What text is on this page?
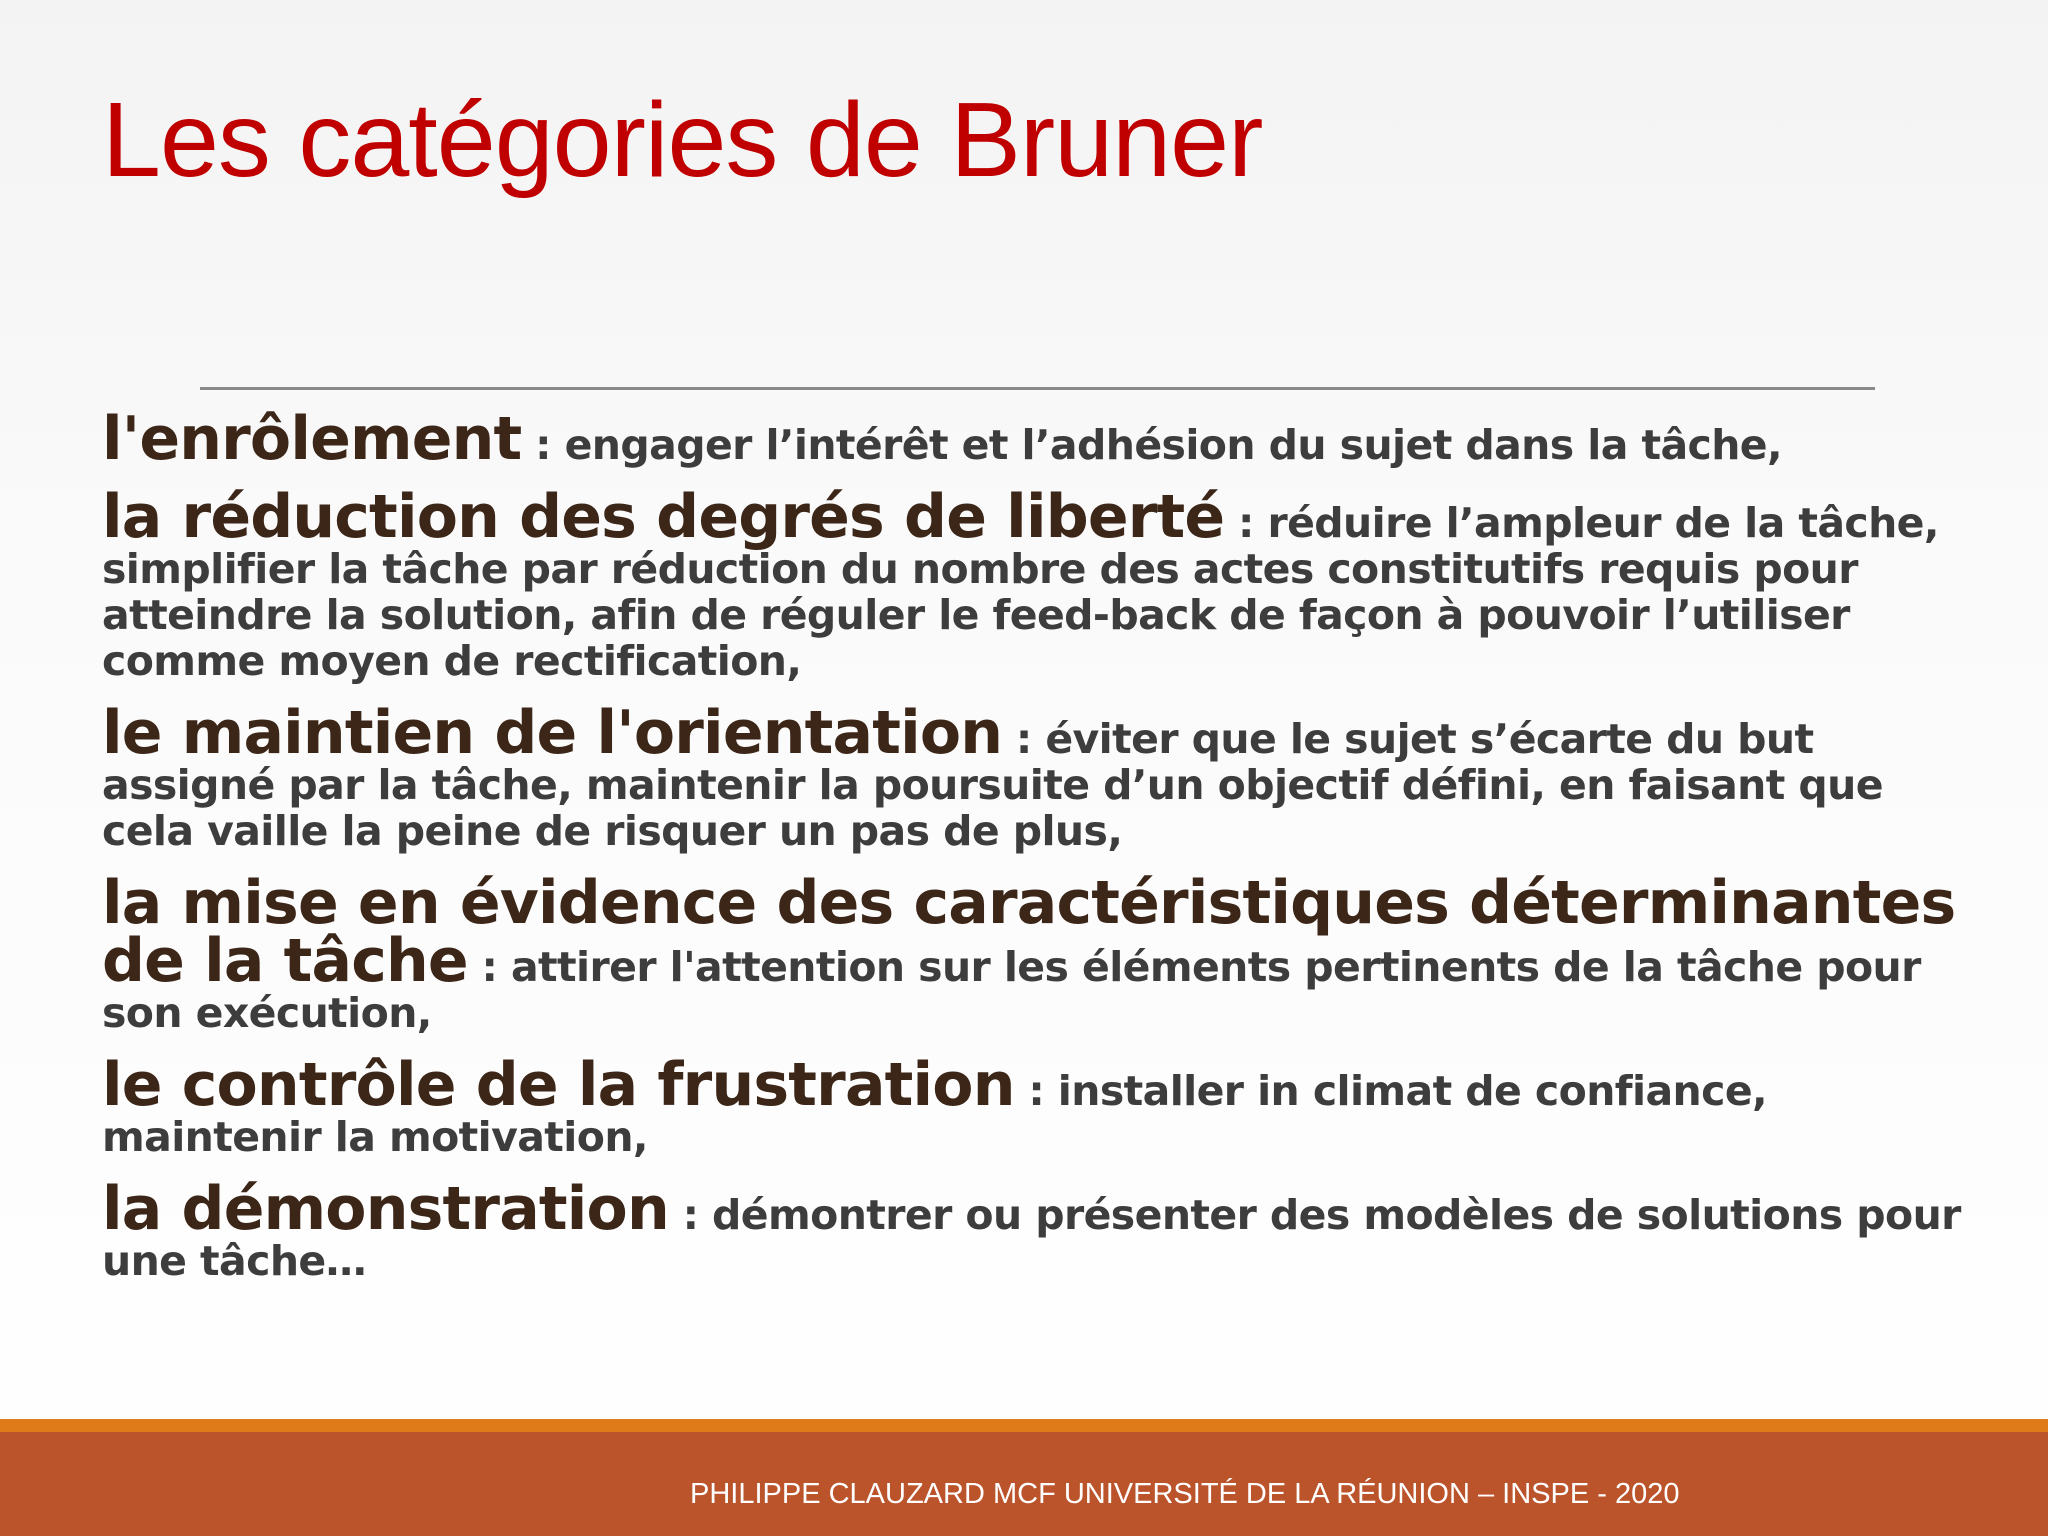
Les catégories de Bruner

l'enrôlement : engager l’intérêt et l’adhésion du sujet dans la tâche,

la réduction des degrés de liberté : réduire l’ampleur de la tâche, simplifier la tâche par réduction du nombre des actes constitutifs requis pour atteindre la solution, afin de réguler le feed-back de façon à pouvoir l’utiliser comme moyen de rectification,

le maintien de l'orientation : éviter que le sujet s’écarte du but assigné par la tâche, maintenir la poursuite d’un objectif défini, en faisant que cela vaille la peine de risquer un pas de plus,

la mise en évidence des caractéristiques déterminantes de la tâche : attirer l'attention sur les éléments pertinents de la tâche pour son exécution,

le contrôle de la frustration : installer in climat de confiance, maintenir la motivation,

la démonstration : démontrer ou présenter des modèles de solutions pour une tâche…

PHILIPPE CLAUZARD MCF UNIVERSITÉ DE LA RÉUNION – INSPE - 2020
